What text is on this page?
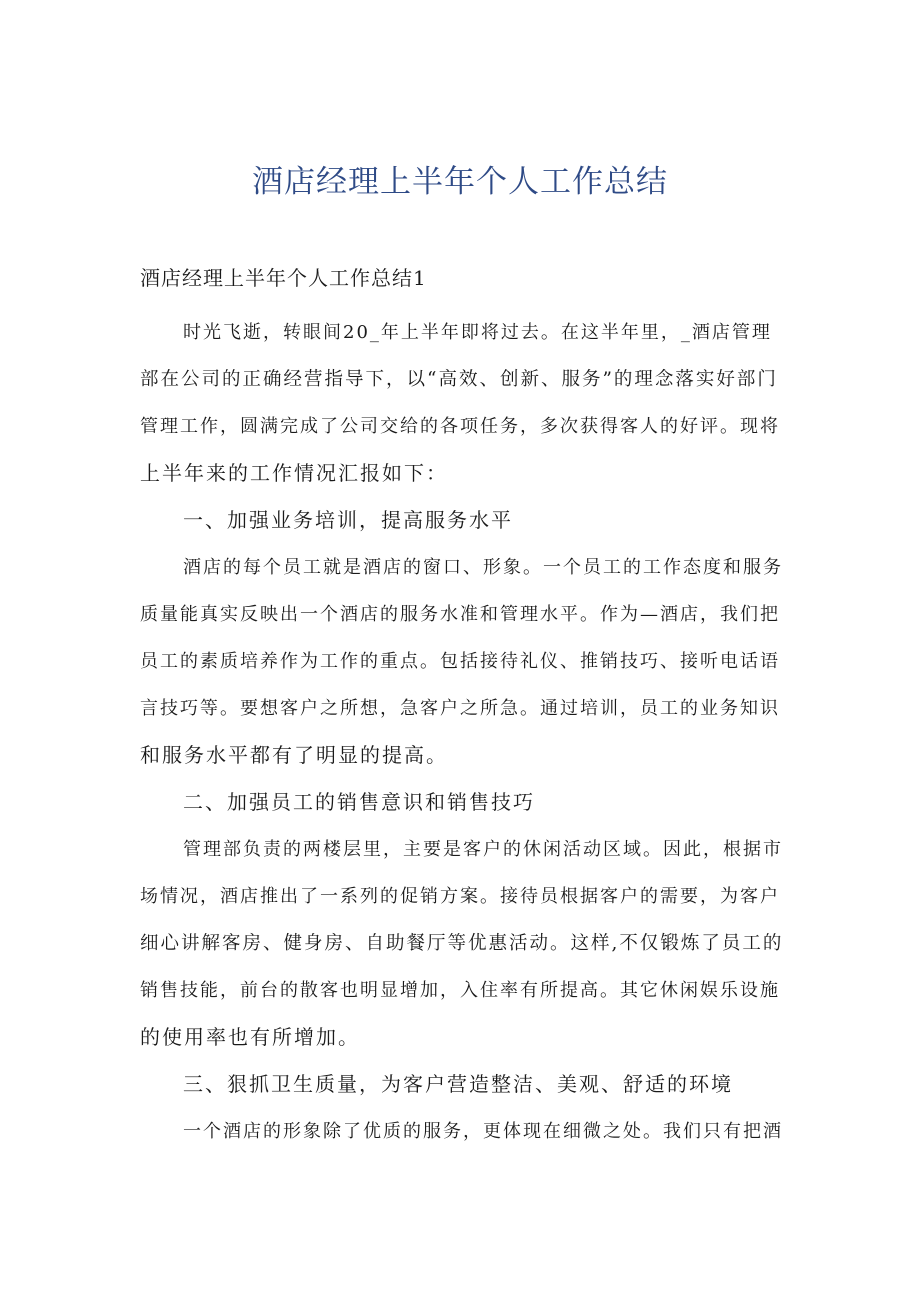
酒店经理上半年个人工作总结
酒店经理上半年个人工作总结1
时光飞逝，转眼间20_年上半年即将过去。在这半年里，_酒店管理
部在公司的正确经营指导下，以“高效、创新、服务”的理念落实好部门
管理工作，圆满完成了公司交给的各项任务，多次获得客人的好评。现将
上半年来的工作情况汇报如下：
一、加强业务培训，提高服务水平
酒店的每个员工就是酒店的窗口、形象。一个员工的工作态度和服务
质量能真实反映出一个酒店的服务水准和管理水平。作为—酒店，我们把
员工的素质培养作为工作的重点。包括接待礼仪、推销技巧、接听电话语
言技巧等。要想客户之所想，急客户之所急。通过培训，员工的业务知识
和服务水平都有了明显的提高。
二、加强员工的销售意识和销售技巧
管理部负责的两楼层里，主要是客户的休闲活动区域。因此，根据市
场情况，酒店推出了一系列的促销方案。接待员根据客户的需要，为客户
细心讲解客房、健身房、自助餐厅等优惠活动。这样,不仅锻炼了员工的
销售技能，前台的散客也明显增加，入住率有所提高。其它休闲娱乐设施
的使用率也有所增加。
三、狠抓卫生质量，为客户营造整洁、美观、舒适的环境
一个酒店的形象除了优质的服务，更体现在细微之处。我们只有把酒
